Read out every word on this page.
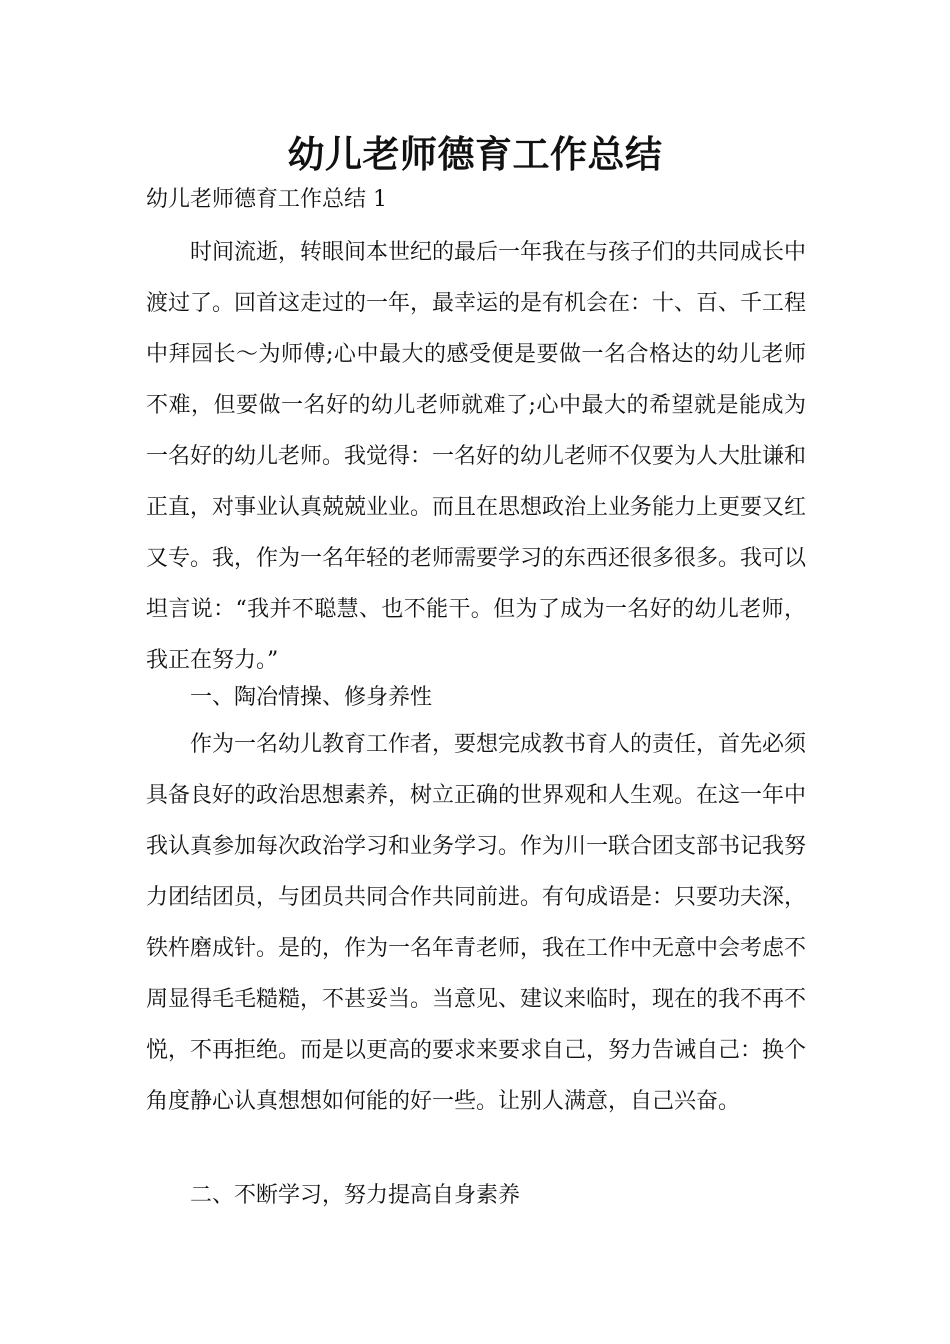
幼儿老师德育工作总结
幼儿老师德育工作总结 1

时间流逝，转眼间本世纪的最后一年我在与孩子们的共同成长中渡过了。回首这走过的一年，最幸运的是有机会在：十、百、千工程中拜园长～为师傅;心中最大的感受便是要做一名合格达的幼儿老师不难，但要做一名好的幼儿老师就难了;心中最大的希望就是能成为一名好的幼儿老师。我觉得：一名好的幼儿老师不仅要为人大肚谦和正直，对事业认真兢兢业业。而且在思想政治上业务能力上更要又红又专。我，作为一名年轻的老师需要学习的东西还很多很多。我可以坦言说：“我并不聪慧、也不能干。但为了成为一名好的幼儿老师，我正在努力。”

一、陶冶情操、修身养性

作为一名幼儿教育工作者，要想完成教书育人的责任，首先必须具备良好的政治思想素养，树立正确的世界观和人生观。在这一年中我认真参加每次政治学习和业务学习。作为川一联合团支部书记我努力团结团员，与团员共同合作共同前进。有句成语是：只要功夫深，铁杵磨成针。是的，作为一名年青老师，我在工作中无意中会考虑不周显得毛毛糙糙，不甚妥当。当意见、建议来临时，现在的我不再不悦，不再拒绝。而是以更高的要求来要求自己，努力告诫自己：换个角度静心认真想想如何能的好一些。让别人满意，自己兴奋。

二、不断学习，努力提高自身素养
